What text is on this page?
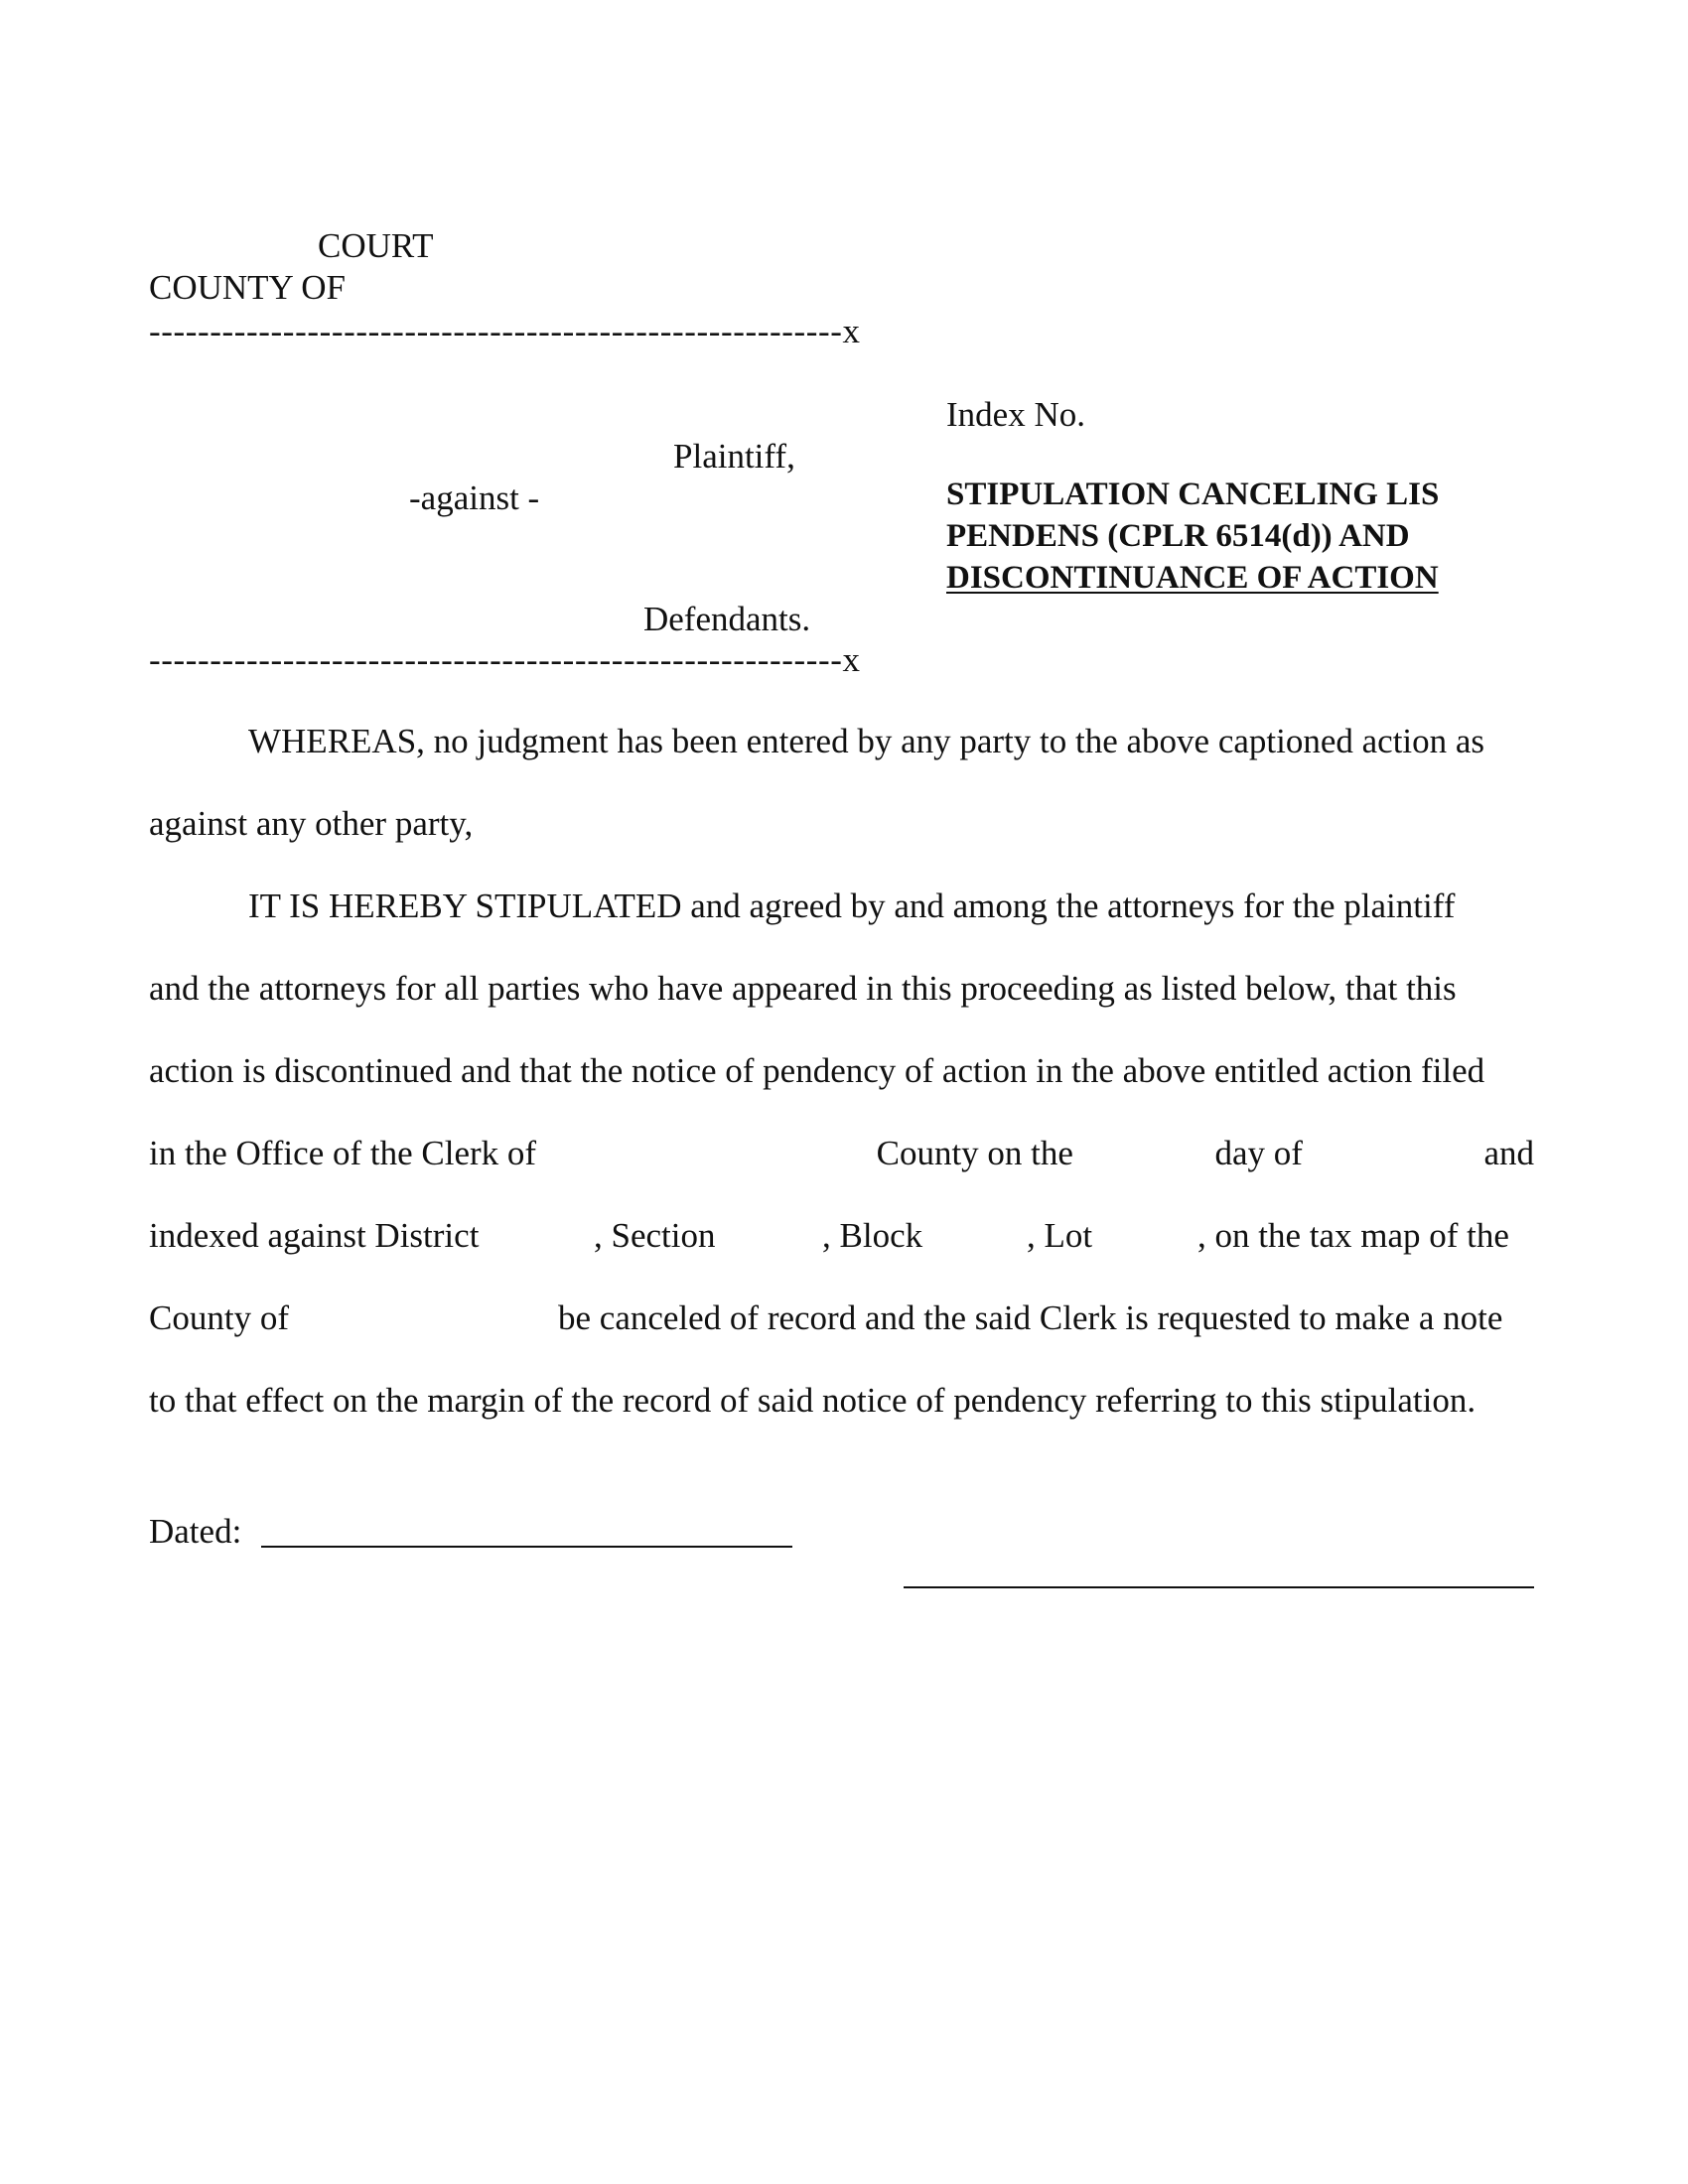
COURT
COUNTY OF
---------------------------------------------------------x
Plaintiff,
-against -
Defendants.
---------------------------------------------------------x
Index No.
STIPULATION CANCELING LIS
PENDENS (CPLR 6514(d)) AND
DISCONTINUANCE OF ACTION
WHEREAS, no judgment has been entered by any party to the above captioned action as
against any other party,
IT IS HEREBY STIPULATED and agreed by and among the attorneys for the plaintiff
and the attorneys for all parties who have appeared in this proceeding as listed below, that this
action is discontinued and that the notice of pendency of action in the above entitled action filed
in the Office of the Clerk of	County on the	day of	and
indexed against District	, Section	, Block	, Lot	, on the tax map of the
County of	be canceled of record and the said Clerk is requested to make a note
to that effect on the margin of the record of said notice of pendency referring to this stipulation.
Dated:
